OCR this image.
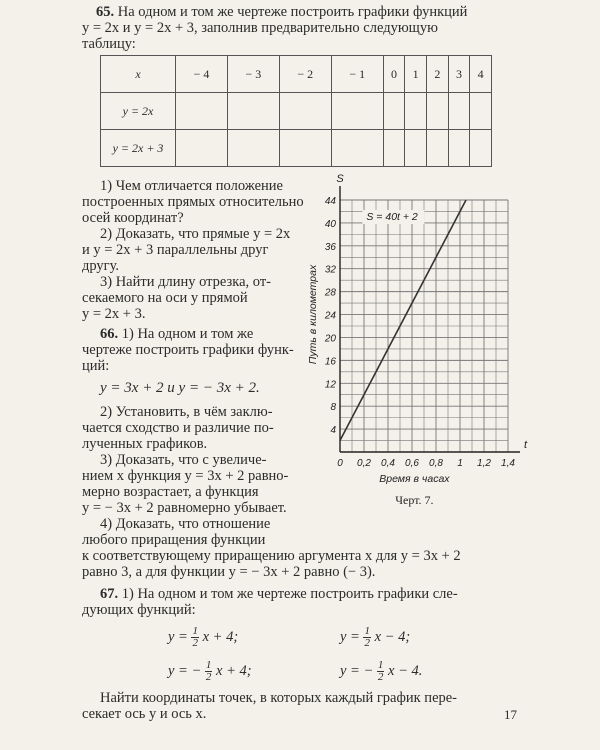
65. На одном и том же чертеже построить графики функций
y = 2x и y = 2x + 3, заполнив предварительно следующую
таблицу:
x	− 4	− 3	− 2	− 1	0	1	2	3	4
y = 2x									
y = 2x + 3									
1) Чем отличается положение
построенных прямых относительно
осей координат?
2) Доказать, что прямые y = 2x
и y = 2x + 3 параллельны друг
другу.
3) Найти длину отрезка, от-
секаемого на оси y прямой
y = 2x + 3.
66. 1) На одном и том же
чертеже построить графики функ-
ций:
y = 3x + 2 и y = − 3x + 2.
2) Установить, в чём заклю-
чается сходство и различие по-
лученных графиков.
3) Доказать, что с увеличе-
нием x функция y = 3x + 2 равно-
мерно возрастает, а функция
y = − 3x + 2 равномерно убывает.
4) Доказать, что отношение
любого приращения функции
к соответствующему приращению аргумента x для y = 3x + 2
равно 3, а для функции y = − 3x + 2 равно (− 3).
67. 1) На одном и том же чертеже построить графики сле-
дующих функций:
$y = \frac{1}{2}$ x + 4;	$y = \frac{1}{2}$ x − 4;
y = − $\frac{1}{2}$ x + 4;	y = − $\frac{1}{2}$ x − 4.
Найти координаты точек, в которых каждый график пере-
секает ось y и ось x.	17
4
8
12
16
20
24
28
32
36
40
44
0 0,2 0,4 0,6 0,8 1 1,2 1,4
S = 40t + 2
S
t
Время в часах
Путь в километрах
Черт. 7.
